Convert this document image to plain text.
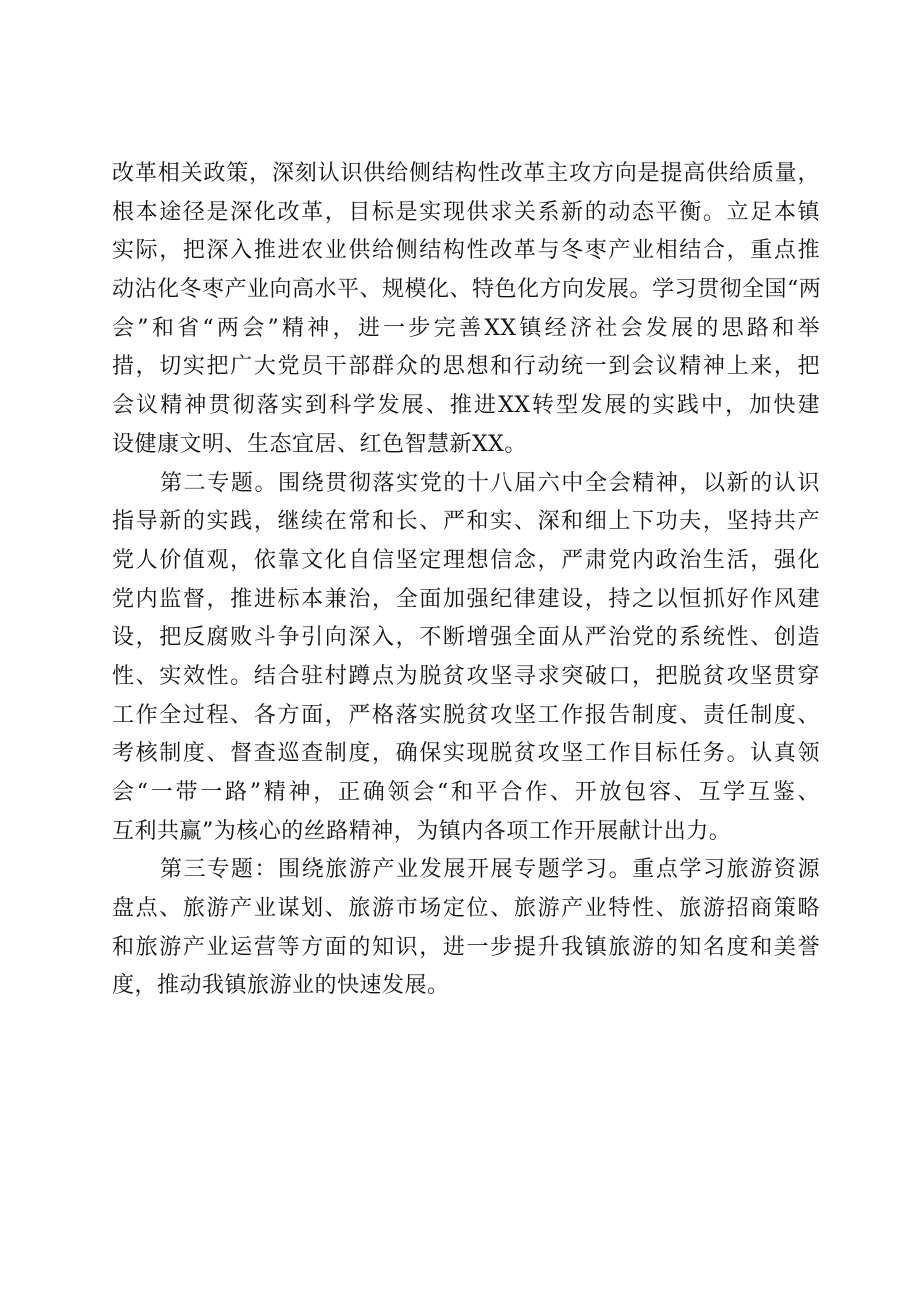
改革相关政策，深刻认识供给侧结构性改革主攻方向是提高供给质量，
根本途径是深化改革，目标是实现供求关系新的动态平衡。立足本镇
实际，把深入推进农业供给侧结构性改革与冬枣产业相结合，重点推
动沾化冬枣产业向高水平、规模化、特色化方向发展。学习贯彻全国“两
会”和省“两会”精神，进一步完善XX镇经济社会发展的思路和举
措，切实把广大党员干部群众的思想和行动统一到会议精神上来，把
会议精神贯彻落实到科学发展、推进XX转型发展的实践中，加快建
设健康文明、生态宜居、红色智慧新XX。
第二专题。围绕贯彻落实党的十八届六中全会精神，以新的认识
指导新的实践，继续在常和长、严和实、深和细上下功夫，坚持共产
党人价值观，依靠文化自信坚定理想信念，严肃党内政治生活，强化
党内监督，推进标本兼治，全面加强纪律建设，持之以恒抓好作风建
设，把反腐败斗争引向深入，不断增强全面从严治党的系统性、创造
性、实效性。结合驻村蹲点为脱贫攻坚寻求突破口，把脱贫攻坚贯穿
工作全过程、各方面，严格落实脱贫攻坚工作报告制度、责任制度、
考核制度、督查巡查制度，确保实现脱贫攻坚工作目标任务。认真领
会“一带一路”精神，正确领会“和平合作、开放包容、互学互鉴、
互利共赢”为核心的丝路精神，为镇内各项工作开展献计出力。
第三专题：围绕旅游产业发展开展专题学习。重点学习旅游资源
盘点、旅游产业谋划、旅游市场定位、旅游产业特性、旅游招商策略
和旅游产业运营等方面的知识，进一步提升我镇旅游的知名度和美誉
度，推动我镇旅游业的快速发展。
